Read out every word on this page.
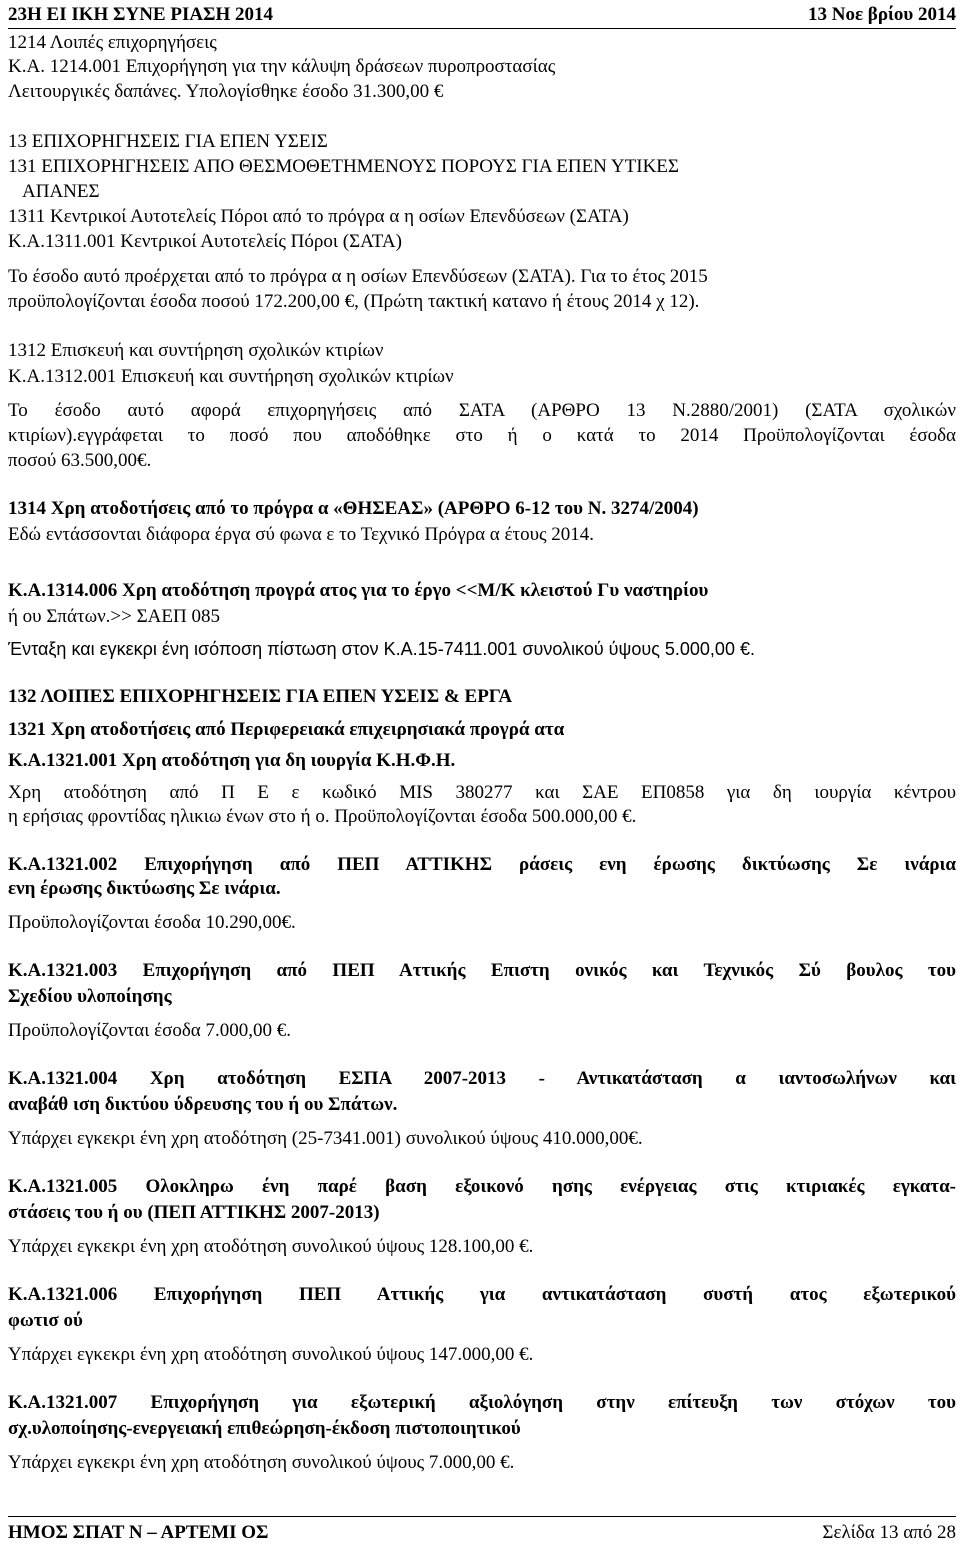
23Η ΕΙ ΙΚΗ ΣΥΝΕ ΡΙΑΣΗ 2014	13 Νοε βρίου 2014
1214 Λοιπές επιχορηγήσεις
Κ.Α. 1214.001 Επιχορήγηση για την κάλυψη δράσεων πυροπροστασίας
Λειτουργικές δαπάνες. Υπολογίσθηκε έσοδο 31.300,00 €
13 ΕΠΙΧΟΡΗΓΗΣΕΙΣ ΓΙΑ ΕΠΕΝ ΥΣΕΙΣ
131 ΕΠΙΧΟΡΗΓΗΣΕΙΣ ΑΠΟ ΘΕΣΜΟΘΕΤΗΜΕΝΟΥΣ ΠΟΡΟΥΣ ΓΙΑ ΕΠΕΝ ΥΤΙΚΕΣ
ΑΠΑΝΕΣ
1311 Κεντρικοί Αυτοτελείς Πόροι από το πρόγρα α η οσίων Επενδύσεων (ΣΑΤΑ)
Κ.Α.1311.001 Κεντρικοί Αυτοτελείς Πόροι (ΣΑΤΑ)
Το έσοδο αυτό προέρχεται από το πρόγρα α η οσίων Επενδύσεων (ΣΑΤΑ). Για το έτος 2015
προϋπολογίζονται έσοδα ποσού 172.200,00 €, (Πρώτη τακτική κατανο ή έτους 2014 χ 12).
1312 Επισκευή και συντήρηση σχολικών κτιρίων
Κ.Α.1312.001 Επισκευή και συντήρηση σχολικών κτιρίων
Το έσοδο αυτό αφορά επιχορηγήσεις από ΣΑΤΑ (ΑΡΘΡΟ 13 Ν.2880/2001) (ΣΑΤΑ σχολικών
κτιρίων).εγγράφεται το ποσό που αποδόθηκε στο ή ο κατά το 2014 Προϋπολογίζονται έσοδα
ποσού 63.500,00€.
1314 Χρη ατοδοτήσεις από το πρόγρα α «ΘΗΣΕΑΣ» (ΑΡΘΡΟ 6-12 του Ν. 3274/2004)
Εδώ εντάσσονται διάφορα έργα σύ φωνα ε το Τεχνικό Πρόγρα α έτους 2014.
Κ.Α.1314.006 Χρη ατοδότηση προγρά ατος για το έργο <<Μ/Κ κλειστού Γυ ναστηρίου
ή ου Σπάτων.>> ΣΑΕΠ 085
Ένταξη και εγκεκρι ένη ισόποση πίστωση στον Κ.Α.15-7411.001 συνολικού ύψους 5.000,00 €.
132 ΛΟΙΠΕΣ ΕΠΙΧΟΡΗΓΗΣΕΙΣ ΓΙΑ ΕΠΕΝ ΥΣΕΙΣ & ΕΡΓΑ
1321 Χρη ατοδοτήσεις από Περιφερειακά επιχειρησιακά προγρά ατα
Κ.Α.1321.001 Χρη ατοδότηση για δη ιουργία Κ.Η.Φ.Η.
Χρη ατοδότηση από Π Ε ε κωδικό MIS 380277 και ΣΑΕ ΕΠ0858 για δη ιουργία κέντρου
η ερήσιας φροντίδας ηλικιω ένων στο ή ο. Προϋπολογίζονται έσοδα 500.000,00 €.
Κ.Α.1321.002 Επιχορήγηση από ΠΕΠ ΑΤΤΙΚΗΣ ράσεις ενη έρωσης δικτύωσης Σε ινάρια
ενη έρωσης δικτύωσης Σε ινάρια.
Προϋπολογίζονται έσοδα 10.290,00€.
Κ.Α.1321.003 Επιχορήγηση από ΠΕΠ Αττικής Επιστη ονικός και Τεχνικός Σύ βουλος του
Σχεδίου υλοποίησης
Προϋπολογίζονται έσοδα 7.000,00 €.
Κ.Α.1321.004 Χρη ατοδότηση ΕΣΠΑ 2007-2013 - Αντικατάσταση α ιαντοσωλήνων και
αναβάθ ιση δικτύου ύδρευσης του ή ου Σπάτων.
Υπάρχει εγκεκρι ένη χρη ατοδότηση (25-7341.001) συνολικού ύψους 410.000,00€.
Κ.Α.1321.005 Ολοκληρω ένη παρέ βαση εξοικονό ησης ενέργειας στις κτιριακές εγκατα-
στάσεις του ή ου (ΠΕΠ ΑΤΤΙΚΗΣ 2007-2013)
Υπάρχει εγκεκρι ένη χρη ατοδότηση συνολικού ύψους 128.100,00 €.
Κ.Α.1321.006 Επιχορήγηση ΠΕΠ Αττικής για αντικατάσταση συστή ατος εξωτερικού
φωτισ ού
Υπάρχει εγκεκρι ένη χρη ατοδότηση συνολικού ύψους 147.000,00 €.
Κ.Α.1321.007 Επιχορήγηση για εξωτερική αξιολόγηση στην επίτευξη των στόχων του
σχ.υλοποίησης-ενεργειακή επιθεώρηση-έκδοση πιστοποιητικού
Υπάρχει εγκεκρι ένη χρη ατοδότηση συνολικού ύψους 7.000,00 €.
ΗΜΟΣ ΣΠΑΤ Ν – ΑΡΤΕΜΙ ΟΣ	Σελίδα 13 από 28
